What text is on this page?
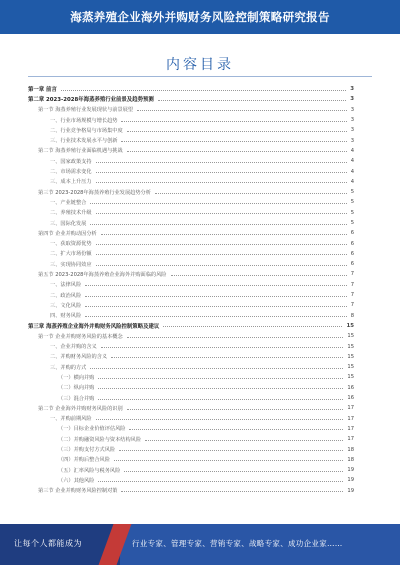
海蒸养殖企业海外并购财务风险控制策略研究报告
内容目录
第一章 前言	3
第二章 2023-2028年海蒸养殖行业前景及趋势预测	3
第一节 海蒸养殖行业发展现状与前景展望	3
一、行业市场规模与增长趋势	3
二、行业竞争格局与市场集中度	3
三、行业技术发展水平与创新	3
第二节 海蒸养殖行业面临机遇与挑战	4
一、国家政策支持	4
二、市场需求变化	4
三、成本上升压力	4
第三节 2023-2028年海蒸养殖行业发展趋势分析	5
一、产业链整合	5
二、养殖技术升级	5
三、国际化发展	5
第四节 企业并购动因分析	6
一、获取资源优势	6
二、扩大市场份额	6
三、实现协同效应	6
第五节 2023-2028年海蒸养殖企业海外并购面临的风险	7
一、法律风险	7
二、政治风险	7
三、文化风险	7
四、财务风险	8
第三章 海蒸养殖企业海外并购财务风险控制策略及建议	15
第一节 企业并购财务风险的基本概念	15
一、企业并购的含义	15
二、并购财务风险的含义	15
三、并购的方式	15
（一）横向并购	15
（二）纵向并购	16
（三）混合并购	16
第二节 企业海外并购财务风险的识别	17
一、并购前期风险	17
（一）目标企业价值评估风险	17
（二）并购融资风险与资本结构风险	17
（三）并购支付方式风险	18
（四）并购后整合风险	18
（五）汇率风险与税务风险	19
（六）其他风险	19
第三节 企业并购财务风险控制对策	19
让每个人都能成为	行业专家、管理专家、营销专家、战略专家、成功企业家……
